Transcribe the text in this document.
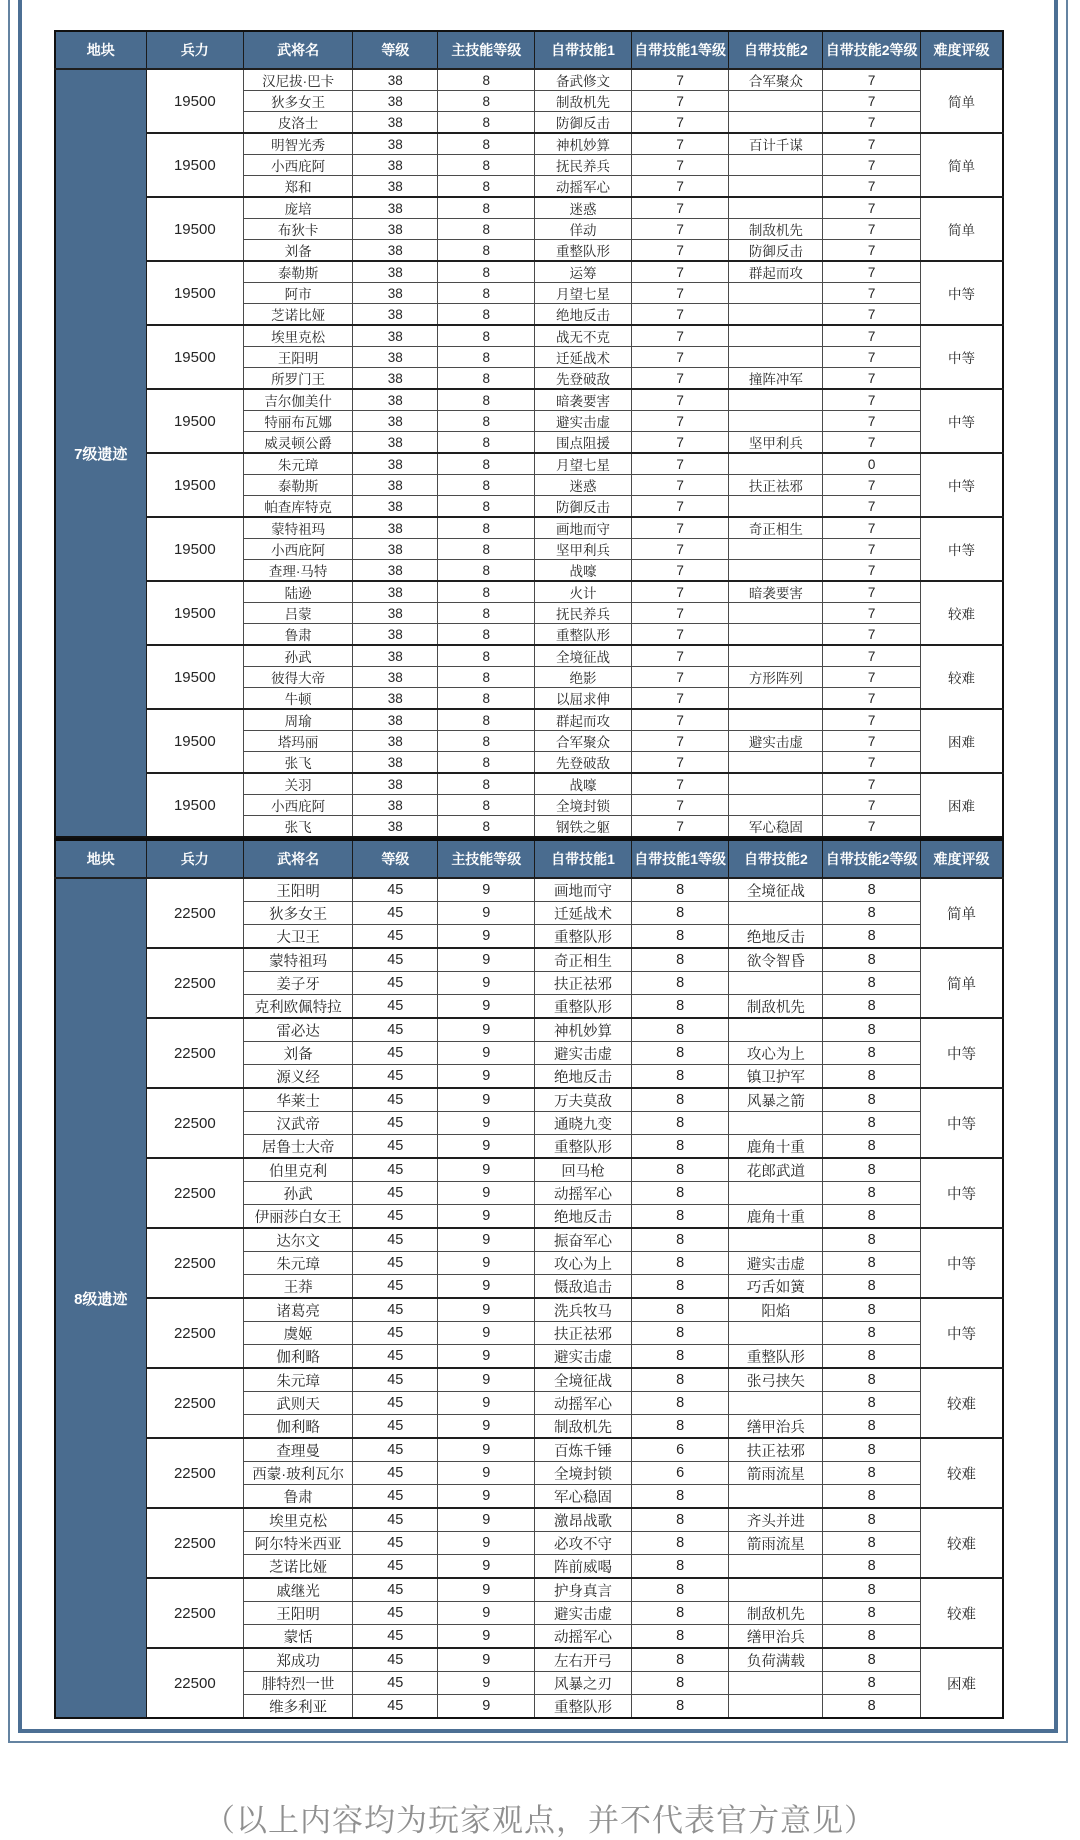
地块	兵力	武将名	等级	主技能等级	自带技能1	自带技能1等级	自带技能2	自带技能2等级	难度评级
7级遗迹	19500	汉尼拔·巴卡	38	8	备武修文	7	合军聚众	7	简单
		狄多女王	38	8	制敌机先	7		7	
		皮洛士	38	8	防御反击	7		7	
	19500	明智光秀	38	8	神机妙算	7	百计千谋	7	简单
		小西庇阿	38	8	抚民养兵	7		7	
		郑和	38	8	动摇军心	7		7	
	19500	庞培	38	8	迷惑	7		7	简单
		布狄卡	38	8	佯动	7	制敌机先	7	
		刘备	38	8	重整队形	7	防御反击	7	
	19500	泰勒斯	38	8	运筹	7	群起而攻	7	中等
		阿市	38	8	月望七星	7		7	
		芝诺比娅	38	8	绝地反击	7		7	
	19500	埃里克松	38	8	战无不克	7		7	中等
		王阳明	38	8	迁延战术	7		7	
		所罗门王	38	8	先登破敌	7	撞阵冲军	7	
	19500	吉尔伽美什	38	8	暗袭要害	7		7	中等
		特丽布瓦娜	38	8	避实击虚	7		7	
		威灵顿公爵	38	8	围点阻援	7	坚甲利兵	7	
	19500	朱元璋	38	8	月望七星	7		0	中等
		泰勒斯	38	8	迷惑	7	扶正祛邪	7	
		帕查库特克	38	8	防御反击	7		7	
	19500	蒙特祖玛	38	8	画地而守	7	奇正相生	7	中等
		小西庇阿	38	8	坚甲利兵	7		7	
		查理·马特	38	8	战嚎	7		7	
	19500	陆逊	38	8	火计	7	暗袭要害	7	较难
		吕蒙	38	8	抚民养兵	7		7	
		鲁肃	38	8	重整队形	7		7	
	19500	孙武	38	8	全境征战	7		7	较难
		彼得大帝	38	8	绝影	7	方形阵列	7	
		牛顿	38	8	以屈求伸	7		7	
	19500	周瑜	38	8	群起而攻	7		7	困难
		塔玛丽	38	8	合军聚众	7	避实击虚	7	
		张飞	38	8	先登破敌	7		7	
	19500	关羽	38	8	战嚎	7		7	困难
		小西庇阿	38	8	全境封锁	7		7	
		张飞	38	8	钢铁之躯	7	军心稳固	7	
地块	兵力	武将名	等级	主技能等级	自带技能1	自带技能1等级	自带技能2	自带技能2等级	难度评级
8级遗迹	22500	王阳明	45	9	画地而守	8	全境征战	8	简单
		狄多女王	45	9	迁延战术	8		8	
		大卫王	45	9	重整队形	8	绝地反击	8	
	22500	蒙特祖玛	45	9	奇正相生	8	欲令智昏	8	简单
		姜子牙	45	9	扶正祛邪	8		8	
		克利欧佩特拉	45	9	重整队形	8	制敌机先	8	
	22500	雷必达	45	9	神机妙算	8		8	中等
		刘备	45	9	避实击虚	8	攻心为上	8	
		源义经	45	9	绝地反击	8	镇卫护军	8	
	22500	华莱士	45	9	万夫莫敌	8	风暴之箭	8	中等
		汉武帝	45	9	通晓九变	8		8	
		居鲁士大帝	45	9	重整队形	8	鹿角十重	8	
	22500	伯里克利	45	9	回马枪	8	花郎武道	8	中等
		孙武	45	9	动摇军心	8		8	
		伊丽莎白女王	45	9	绝地反击	8	鹿角十重	8	
	22500	达尔文	45	9	振奋军心	8		8	中等
		朱元璋	45	9	攻心为上	8	避实击虚	8	
		王莽	45	9	慑敌追击	8	巧舌如簧	8	
	22500	诸葛亮	45	9	洗兵牧马	8	阳焰	8	中等
		虞姬	45	9	扶正祛邪	8		8	
		伽利略	45	9	避实击虚	8	重整队形	8	
	22500	朱元璋	45	9	全境征战	8	张弓挟矢	8	较难
		武则天	45	9	动摇军心	8		8	
		伽利略	45	9	制敌机先	8	缮甲治兵	8	
	22500	查理曼	45	9	百炼千锤	6	扶正祛邪	8	较难
		西蒙·玻利瓦尔	45	9	全境封锁	6	箭雨流星	8	
		鲁肃	45	9	军心稳固	8		8	
	22500	埃里克松	45	9	激昂战歌	8	齐头并进	8	较难
		阿尔特米西亚	45	9	必攻不守	8	箭雨流星	8	
		芝诺比娅	45	9	阵前威喝	8		8	
	22500	戚继光	45	9	护身真言	8		8	较难
		王阳明	45	9	避实击虚	8	制敌机先	8	
		蒙恬	45	9	动摇军心	8	缮甲治兵	8	
	22500	郑成功	45	9	左右开弓	8	负荷满载	8	困难
		腓特烈一世	45	9	风暴之刃	8		8	
		维多利亚	45	9	重整队形	8		8	
（以上内容均为玩家观点，并不代表官方意见）
